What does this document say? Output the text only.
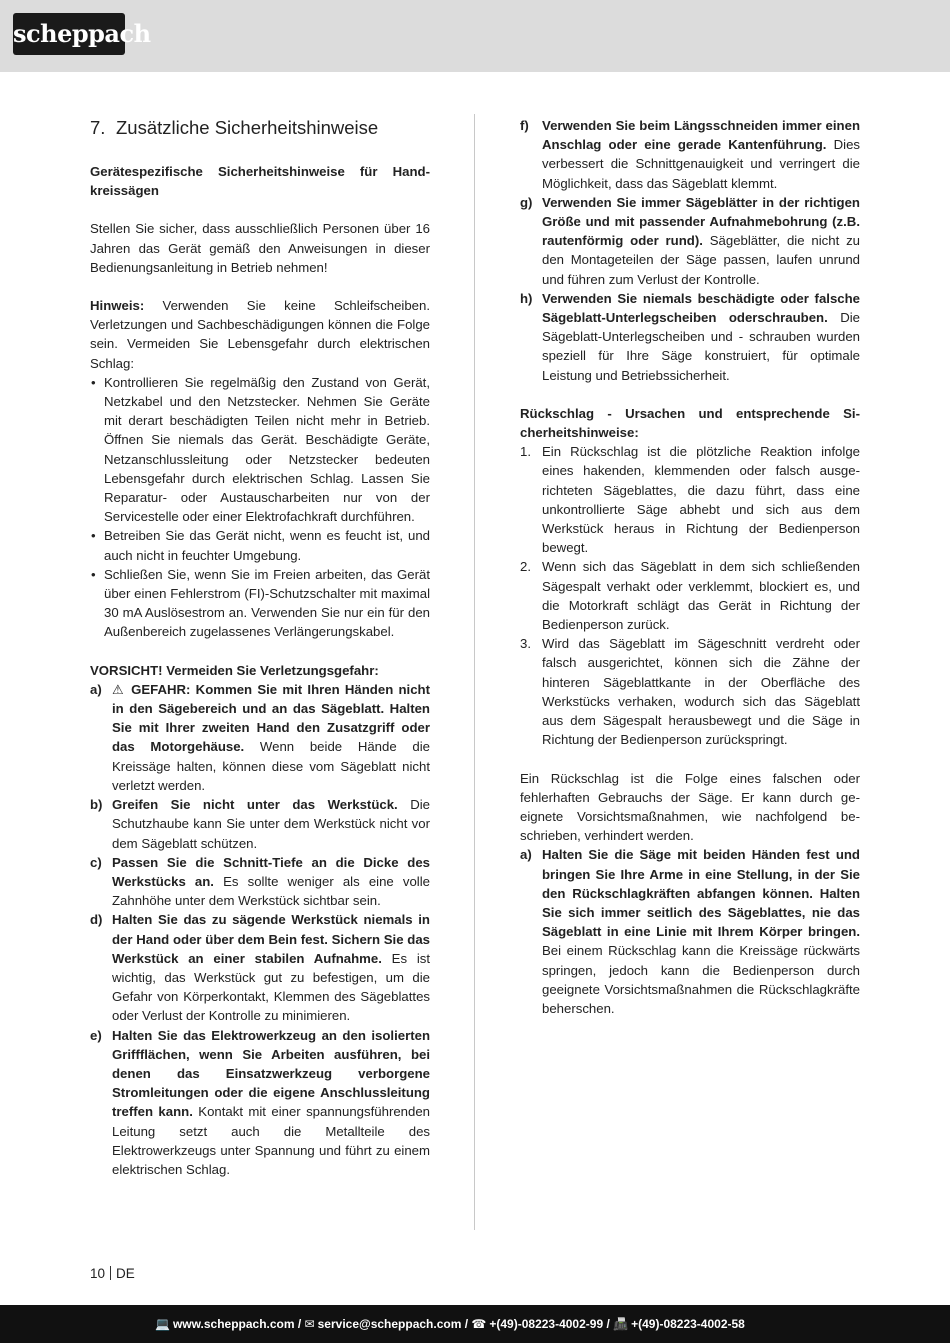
scheppach
7. Zusätzliche Sicherheitshinweise

Gerätespezifische Sicherheitshinweise für Handkreissägen

Stellen Sie sicher, dass ausschließlich Personen über 16 Jahren das Gerät gemäß den Anweisungen in dieser Bedienungsanleitung in Betrieb nehmen!

Hinweis: Verwenden Sie keine Schleifscheiben. Verletzungen und Sachbeschädigungen können die Folge sein. Vermeiden Sie Lebensgefahr durch elektrischen Schlag:

• Kontrollieren Sie regelmäßig den Zustand von Gerät, Netzkabel und den Netzstecker. Nehmen Sie Geräte mit derart beschädigten Teilen nicht mehr in Betrieb. Öffnen Sie niemals das Gerät. Beschädigte Geräte, Netzanschlussleitung oder Netzstecker bedeuten Lebensgefahr durch elektrischen Schlag. Lassen Sie Reparatur- oder Austauscharbeiten nur von der Servicestelle oder einer Elektrofachkraft durchführen.
• Betreiben Sie das Gerät nicht, wenn es feucht ist, und auch nicht in feuchter Umgebung.
• Schließen Sie, wenn Sie im Freien arbeiten, das Gerät über einen Fehlerstrom (FI)-Schutzschalter mit maximal 30 mA Auslösestrom an. Verwenden Sie nur ein für den Außenbereich zugelassenes Verlängerungskabel.

VORSICHT! Vermeiden Sie Verletzungsgefahr:

a) ⚠ GEFAHR: Kommen Sie mit Ihren Händen nicht in den Sägebereich und an das Sägeblatt. Halten Sie mit Ihrer zweiten Hand den Zusatzgriff oder das Motorgehäuse. Wenn beide Hände die Kreissäge halten, können diese vom Sägeblatt nicht verletzt werden.
b) Greifen Sie nicht unter das Werkstück. Die Schutzhaube kann Sie unter dem Werkstück nicht vor dem Sägeblatt schützen.
c) Passen Sie die Schnitt-Tiefe an die Dicke des Werkstücks an. Es sollte weniger als eine volle Zahnhöhe unter dem Werkstück sichtbar sein.
d) Halten Sie das zu sägende Werkstück niemals in der Hand oder über dem Bein fest. Sichern Sie das Werkstück an einer stabilen Aufnahme. Es ist wichtig, das Werkstück gut zu befestigen, um die Gefahr von Körperkontakt, Klemmen des Sägeblattes oder Verlust der Kontrolle zu minimieren.
e) Halten Sie das Elektrowerkzeug an den isolierten Griffflächen, wenn Sie Arbeiten ausführen, bei denen das Einsatzwerkzeug verborgene Stromleitungen oder die eigene Anschlussleitung treffen kann. Kontakt mit einer spannungsführenden Leitung setzt auch die Metallteile des Elektrowerkzeugs unter Spannung und führt zu einem elektrischen Schlag.
f) Verwenden Sie beim Längsschneiden immer einen Anschlag oder eine gerade Kantenführung. Dies verbessert die Schnittgenauigkeit und verringert die Möglichkeit, dass das Sägeblatt klemmt.
g) Verwenden Sie immer Sägeblätter in der richtigen Größe und mit passender Aufnahmebohrung (z.B. rautenförmig oder rund). Sägeblätter, die nicht zu den Montageteilen der Säge passen, laufen unrund und führen zum Verlust der Kontrolle.
h) Verwenden Sie niemals beschädigte oder falsche Sägeblatt-Unterlegscheiben oderschrauben. Die Sägeblatt-Unterlegscheiben und - schrauben wurden speziell für Ihre Säge konstruiert, für optimale Leistung und Betriebssicherheit.

Rückschlag - Ursachen und entsprechende Sicherheitshinweise:

1. Ein Rückschlag ist die plötzliche Reaktion infolge eines hakenden, klemmenden oder falsch ausgerichteten Sägeblattes, die dazu führt, dass eine unkontrollierte Säge abhebt und sich aus dem Werkstück heraus in Richtung der Bedienperson bewegt.
2. Wenn sich das Sägeblatt in dem sich schließenden Sägespalt verhakt oder verklemmt, blockiert es, und die Motorkraft schlägt das Gerät in Richtung der Bedienperson zurück.
3. Wird das Sägeblatt im Sägeschnitt verdreht oder falsch ausgerichtet, können sich die Zähne der hinteren Sägeblattkante in der Oberfläche des Werkstücks verhaken, wodurch sich das Sägeblatt aus dem Sägespalt herausbewegt und die Säge in Richtung der Bedienperson zurückspringt.

Ein Rückschlag ist die Folge eines falschen oder fehlerhaften Gebrauchs der Säge. Er kann durch geeignete Vorsichtsmaßnahmen, wie nachfolgend beschrieben, verhindert werden.

a) Halten Sie die Säge mit beiden Händen fest und bringen Sie Ihre Arme in eine Stellung, in der Sie den Rückschlagkräften abfangen können. Halten Sie sich immer seitlich des Sägeblattes, nie das Sägeblatt in eine Linie mit Ihrem Körper bringen. Bei einem Rückschlag kann die Kreissäge rückwärts springen, jedoch kann die Bedienperson durch geeignete Vorsichtsmaßnahmen die Rückschlagkräfte beherschen.
10 DE
💻 www.scheppach.com / ✉ service@scheppach.com / ☎ +(49)-08223-4002-99 / 📠 +(49)-08223-4002-58
